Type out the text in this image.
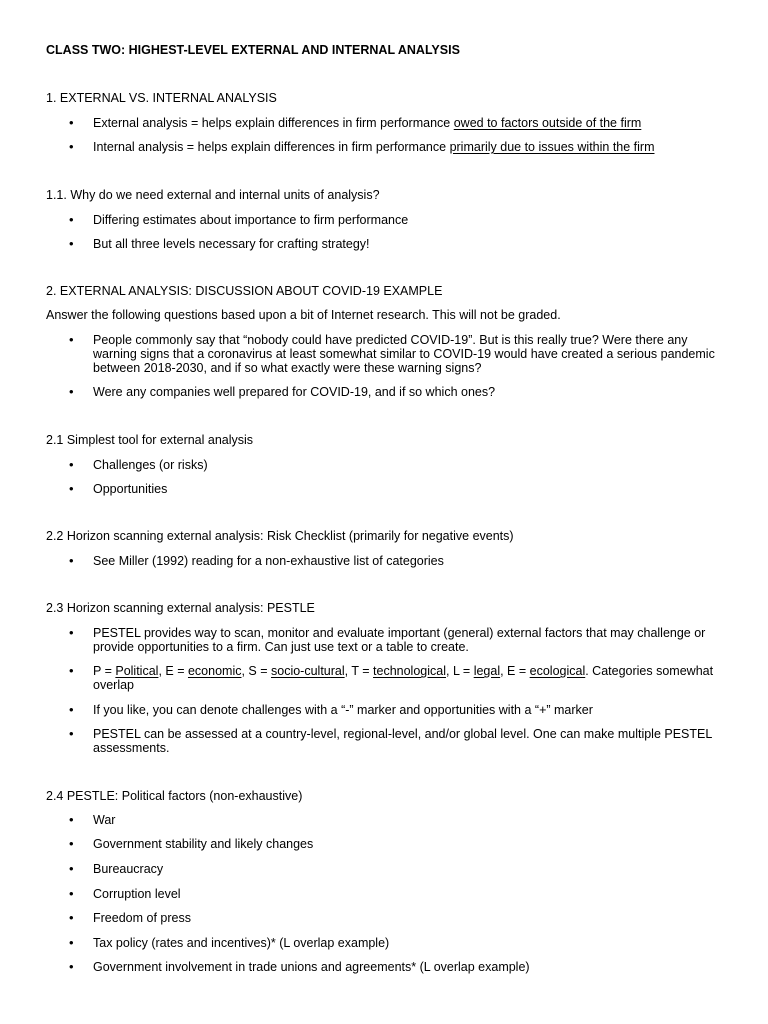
CLASS TWO: HIGHEST-LEVEL EXTERNAL AND INTERNAL ANALYSIS
1. EXTERNAL VS. INTERNAL ANALYSIS
• External analysis = helps explain differences in firm performance owed to factors outside of the firm
• Internal analysis = helps explain differences in firm performance primarily due to issues within the firm
1.1. Why do we need external and internal units of analysis?
• Differing estimates about importance to firm performance
• But all three levels necessary for crafting strategy!
2. EXTERNAL ANALYSIS: DISCUSSION ABOUT COVID-19 EXAMPLE
Answer the following questions based upon a bit of Internet research. This will not be graded.
• People commonly say that “nobody could have predicted COVID-19”. But is this really true? Were there any warning signs that a coronavirus at least somewhat similar to COVID-19 would have created a serious pandemic between 2018-2030, and if so what exactly were these warning signs?
• Were any companies well prepared for COVID-19, and if so which ones?
2.1 Simplest tool for external analysis
• Challenges (or risks)
• Opportunities
2.2 Horizon scanning external analysis: Risk Checklist (primarily for negative events)
• See Miller (1992) reading for a non-exhaustive list of categories
2.3 Horizon scanning external analysis: PESTLE
• PESTEL provides way to scan, monitor and evaluate important (general) external factors that may challenge or provide opportunities to a firm. Can just use text or a table to create.
• P = Political, E = economic, S = socio-cultural, T = technological, L = legal, E = ecological. Categories somewhat overlap
• If you like, you can denote challenges with a “-” marker and opportunities with a “+” marker
• PESTEL can be assessed at a country-level, regional-level, and/or global level. One can make multiple PESTEL assessments.
2.4 PESTLE: Political factors (non-exhaustive)
• War
• Government stability and likely changes
• Bureaucracy
• Corruption level
• Freedom of press
• Tax policy (rates and incentives)* (L overlap example)
• Government involvement in trade unions and agreements* (L overlap example)
